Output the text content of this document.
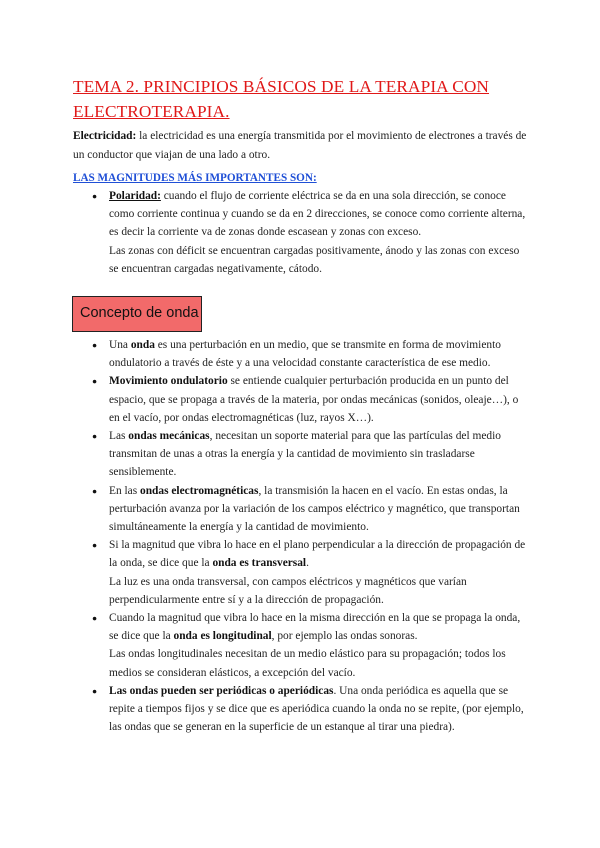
TEMA 2. PRINCIPIOS BÁSICOS DE LA TERAPIA CON ELECTROTERAPIA.
Electricidad: la electricidad es una energía transmitida por el movimiento de electrones a través de un conductor que viajan de una lado a otro.
LAS MAGNITUDES MÁS IMPORTANTES SON:
● Polaridad: cuando el flujo de corriente eléctrica se da en una sola dirección, se conoce como corriente continua y cuando se da en 2 direcciones, se conoce como corriente alterna, es decir la corriente va de zonas donde escasean y zonas con exceso.
Las zonas con déficit se encuentran cargadas positivamente, ánodo y las zonas con exceso se encuentran cargadas negativamente, cátodo.
Concepto de onda
● Una onda es una perturbación en un medio, que se transmite en forma de movimiento ondulatorio a través de éste y a una velocidad constante característica de ese medio.
● Movimiento ondulatorio se entiende cualquier perturbación producida en un punto del espacio, que se propaga a través de la materia, por ondas mecánicas (sonidos, oleaje…), o en el vacío, por ondas electromagnéticas (luz, rayos X…).
● Las ondas mecánicas, necesitan un soporte material para que las partículas del medio transmitan de unas a otras la energía y la cantidad de movimiento sin trasladarse sensiblemente.
● En las ondas electromagnéticas, la transmisión la hacen en el vacío. En estas ondas, la perturbación avanza por la variación de los campos eléctrico y magnético, que transportan simultáneamente la energía y la cantidad de movimiento.
● Si la magnitud que vibra lo hace en el plano perpendicular a la dirección de propagación de la onda, se dice que la onda es transversal.
La luz es una onda transversal, con campos eléctricos y magnéticos que varían perpendicularmente entre sí y a la dirección de propagación.
● Cuando la magnitud que vibra lo hace en la misma dirección en la que se propaga la onda, se dice que la onda es longitudinal, por ejemplo las ondas sonoras.
Las ondas longitudinales necesitan de un medio elástico para su propagación; todos los medios se consideran elásticos, a excepción del vacío.
● Las ondas pueden ser periódicas o aperiódicas. Una onda periódica es aquella que se repite a tiempos fijos y se dice que es aperiódica cuando la onda no se repite, (por ejemplo, las ondas que se generan en la superficie de un estanque al tirar una piedra).
